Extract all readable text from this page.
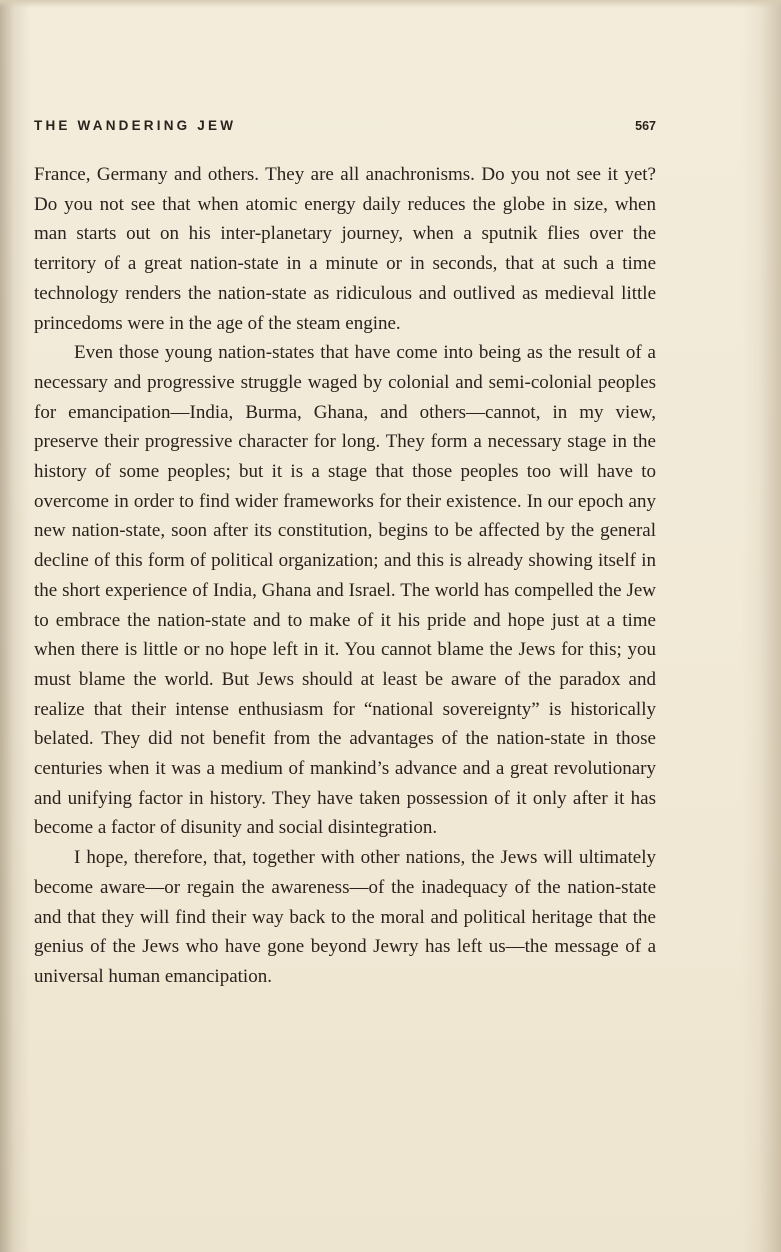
THE WANDERING JEW	567

France, Germany and others. They are all anachronisms. Do you not see it yet? Do you not see that when atomic energy daily reduces the globe in size, when man starts out on his inter-planetary journey, when a sputnik flies over the territory of a great nation-state in a minute or in seconds, that at such a time technology renders the nation-state as ridiculous and outlived as medieval little princedoms were in the age of the steam engine.

Even those young nation-states that have come into being as the result of a necessary and progressive struggle waged by colonial and semi-colonial peoples for emancipation—India, Burma, Ghana, and others—cannot, in my view, preserve their progressive character for long. They form a necessary stage in the history of some peoples; but it is a stage that those peoples too will have to overcome in order to find wider frameworks for their existence. In our epoch any new nation-state, soon after its constitution, begins to be affected by the general decline of this form of political organization; and this is already showing itself in the short experience of India, Ghana and Israel. The world has compelled the Jew to embrace the nation-state and to make of it his pride and hope just at a time when there is little or no hope left in it. You cannot blame the Jews for this; you must blame the world. But Jews should at least be aware of the paradox and realize that their intense enthusiasm for “national sovereignty” is historically belated. They did not benefit from the advantages of the nation-state in those centuries when it was a medium of mankind’s advance and a great revolutionary and unifying factor in history. They have taken possession of it only after it has become a factor of disunity and social disintegration.

I hope, therefore, that, together with other nations, the Jews will ultimately become aware—or regain the awareness—of the inadequacy of the nation-state and that they will find their way back to the moral and political heritage that the genius of the Jews who have gone beyond Jewry has left us—the message of a universal human emancipation.
